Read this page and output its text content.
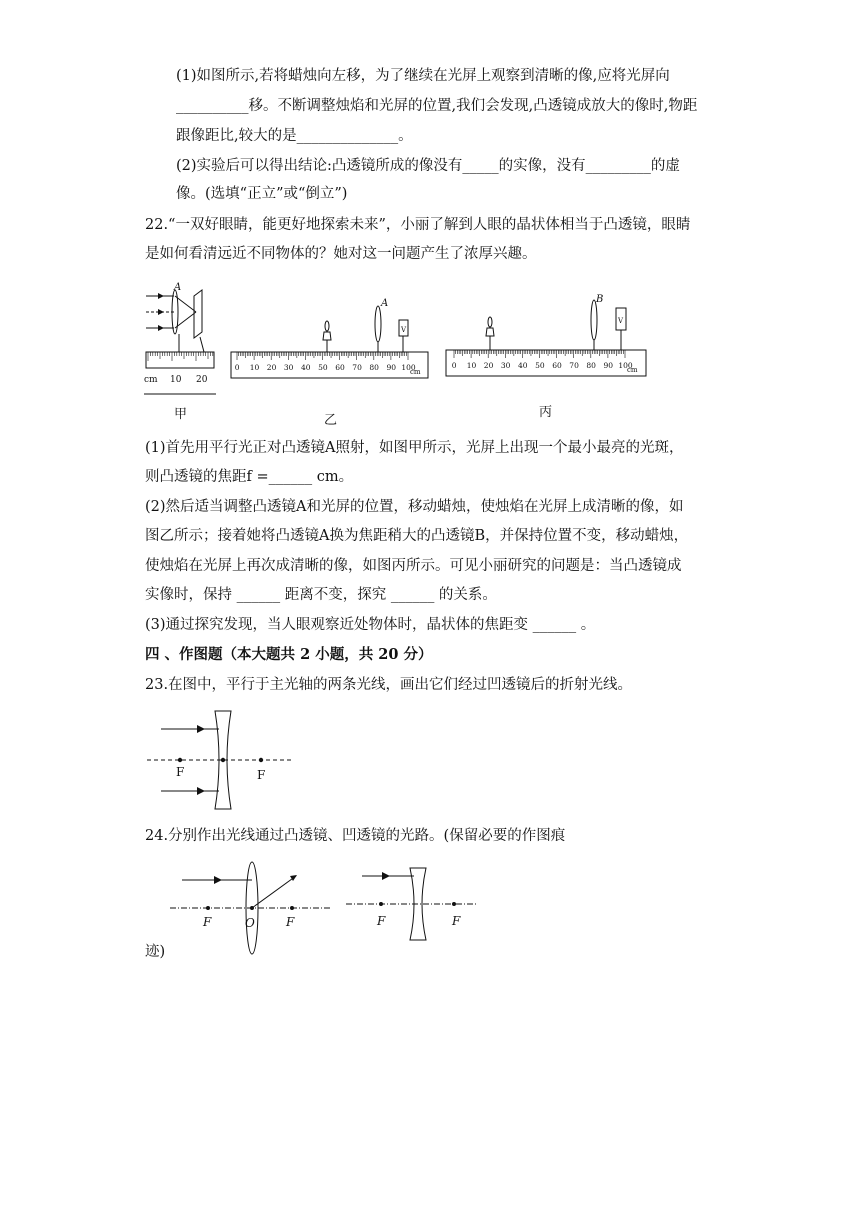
(1)如图所示,若将蜡烛向左移，为了继续在光屏上观察到清晰的像,应将光屏向
__________移。不断调整烛焰和光屏的位置,我们会发现,凸透镜成放大的像时,物距
跟像距比,较大的是______________。
(2)实验后可以得出结论:凸透镜所成的像没有_____的实像，没有_________的虚
像。(选填“正立”或“倒立”)
22.“一双好眼睛，能更好地探索未来”，小丽了解到人眼的晶状体相当于凸透镜，眼睛
是如何看清远近不同物体的？她对这一问题产生了浓厚兴趣。
A
cm 10 20
甲
A
V
0 10 20 30 40 50 60 70 80 90 100
cm
乙
B
V
0 10 20 30 40 50 60 70 80 90 100
cm
丙
(1)首先用平行光正对凸透镜A照射，如图甲所示，光屏上出现一个最小最亮的光斑，
则凸透镜的焦距f =______ cm。
(2)然后适当调整凸透镜A和光屏的位置，移动蜡烛，使烛焰在光屏上成清晰的像，如
图乙所示；接着她将凸透镜A换为焦距稍大的凸透镜B，并保持位置不变，移动蜡烛，
使烛焰在光屏上再次成清晰的像，如图丙所示。可见小丽研究的问题是：当凸透镜成
实像时，保持 ______ 距离不变，探究 ______ 的关系。
(3)通过探究发现，当人眼观察近处物体时，晶状体的焦距变 ______ 。
四 、作图题（本大题共 2 小题，共 20 分）
23.在图中，平行于主光轴的两条光线，画出它们经过凹透镜后的折射光线。
F	F
24.分别作出光线通过凸透镜、凹透镜的光路。(保留必要的作图痕
F	O	F	F	F
迹)
